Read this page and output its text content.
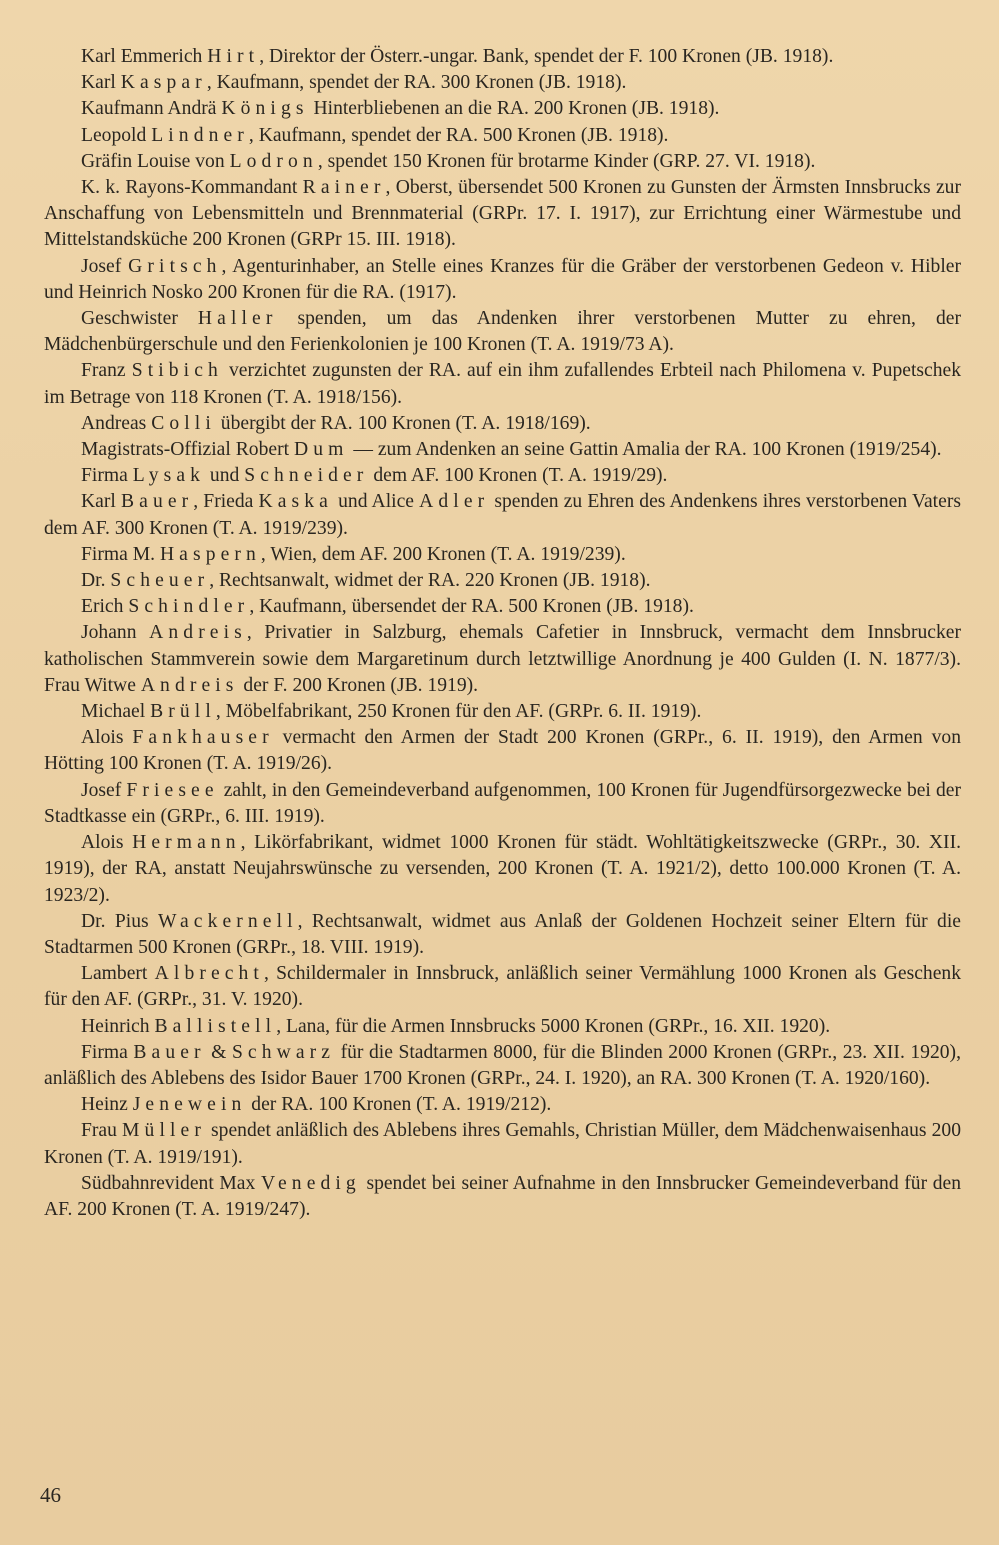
Karl Emmerich Hirt, Direktor der Österr.-ungar. Bank, spendet der F. 100 Kronen (JB. 1918).

Karl Kaspar, Kaufmann, spendet der RA. 300 Kronen (JB. 1918).

Kaufmann Andrä Königs Hinterbliebenen an die RA. 200 Kronen (JB. 1918).

Leopold Lindner, Kaufmann, spendet der RA. 500 Kronen (JB. 1918).

Gräfin Louise von Lodron, spendet 150 Kronen für brotarme Kinder (GRP. 27. VI. 1918).

K. k. Rayons-Kommandant Rainer, Oberst, übersendet 500 Kronen zu Gunsten der Ärmsten Innsbrucks zur Anschaffung von Lebensmitteln und Brennmaterial (GRPr. 17. I. 1917), zur Errichtung einer Wärmestube und Mittelstandsküche 200 Kronen (GRPr 15. III. 1918).

Josef Gritsch, Agenturinhaber, an Stelle eines Kranzes für die Gräber der verstorbenen Gedeon v. Hibler und Heinrich Nosko 200 Kronen für die RA. (1917).

Geschwister Haller spenden, um das Andenken ihrer verstorbenen Mutter zu ehren, der Mädchenbürgerschule und den Ferienkolonien je 100 Kronen (T. A. 1919/73 A).

Franz Stibich verzichtet zugunsten der RA. auf ein ihm zufallendes Erbteil nach Philomena v. Pupetschek im Betrage von 118 Kronen (T. A. 1918/156).

Andreas Colli übergibt der RA. 100 Kronen (T. A. 1918/169).

Magistrats-Offizial Robert Dum — zum Andenken an seine Gattin Amalia der RA. 100 Kronen (1919/254).

Firma Lysak und Schneider dem AF. 100 Kronen (T. A. 1919/29).

Karl Bauer, Frieda Kaska und Alice Adler spenden zu Ehren des Andenkens ihres verstorbenen Vaters dem AF. 300 Kronen (T. A. 1919/239).

Firma M. Haspern, Wien, dem AF. 200 Kronen (T. A. 1919/239).

Dr. Scheuer, Rechtsanwalt, widmet der RA. 220 Kronen (JB. 1918).

Erich Schindler, Kaufmann, übersendet der RA. 500 Kronen (JB. 1918).

Johann Andreis, Privatier in Salzburg, ehemals Cafetier in Innsbruck, vermacht dem Innsbrucker katholischen Stammverein sowie dem Margaretinum durch letztwillige Anordnung je 400 Gulden (I. N. 1877/3). Frau Witwe Andreis der F. 200 Kronen (JB. 1919).

Michael Brüll, Möbelfabrikant, 250 Kronen für den AF. (GRPr. 6. II. 1919).

Alois Fankhauser vermacht den Armen der Stadt 200 Kronen (GRPr., 6. II. 1919), den Armen von Hötting 100 Kronen (T. A. 1919/26).

Josef Friesee zahlt, in den Gemeindeverband aufgenommen, 100 Kronen für Jugendfürsorgezwecke bei der Stadtkasse ein (GRPr., 6. III. 1919).

Alois Hermann, Likörfabrikant, widmet 1000 Kronen für städt. Wohltätigkeitszwecke (GRPr., 30. XII. 1919), der RA, anstatt Neujahrswünsche zu versenden, 200 Kronen (T. A. 1921/2), detto 100.000 Kronen (T. A. 1923/2).

Dr. Pius Wackernell, Rechtsanwalt, widmet aus Anlaß der Goldenen Hochzeit seiner Eltern für die Stadtarmen 500 Kronen (GRPr., 18. VIII. 1919).

Lambert Albrecht, Schildermaler in Innsbruck, anläßlich seiner Vermählung 1000 Kronen als Geschenk für den AF. (GRPr., 31. V. 1920).

Heinrich Ballistell, Lana, für die Armen Innsbrucks 5000 Kronen (GRPr., 16. XII. 1920).

Firma Bauer & Schwarz für die Stadtarmen 8000, für die Blinden 2000 Kronen (GRPr., 23. XII. 1920), anläßlich des Ablebens des Isidor Bauer 1700 Kronen (GRPr., 24. I. 1920), an RA. 300 Kronen (T. A. 1920/160).

Heinz Jenewein der RA. 100 Kronen (T. A. 1919/212).

Frau Müller spendet anläßlich des Ablebens ihres Gemahls, Christian Müller, dem Mädchenwaisenhaus 200 Kronen (T. A. 1919/191).

Südbahnrevident Max Venedig spendet bei seiner Aufnahme in den Innsbrucker Gemeindeverband für den AF. 200 Kronen (T. A. 1919/247).

46
